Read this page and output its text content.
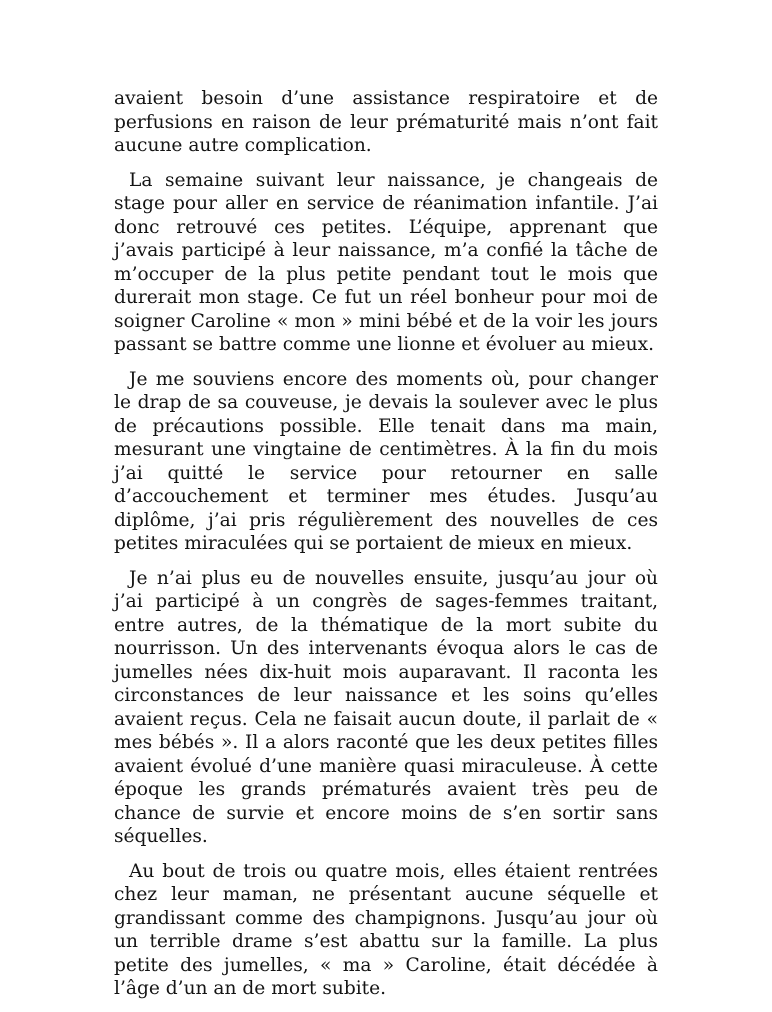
avaient besoin d’une assistance respiratoire et de perfusions en raison de leur prématurité mais n’ont fait aucune autre complication.

La semaine suivant leur naissance, je changeais de stage pour aller en service de réanimation infantile. J’ai donc retrouvé ces petites. L’équipe, apprenant que j’avais participé à leur naissance, m’a confié la tâche de m’occuper de la plus petite pendant tout le mois que durerait mon stage. Ce fut un réel bonheur pour moi de soigner Caroline « mon » mini bébé et de la voir les jours passant se battre comme une lionne et évoluer au mieux.

Je me souviens encore des moments où, pour changer le drap de sa couveuse, je devais la soulever avec le plus de précautions possible. Elle tenait dans ma main, mesurant une vingtaine de centimètres. À la fin du mois j’ai quitté le service pour retourner en salle d’accouchement et terminer mes études. Jusqu’au diplôme, j’ai pris régulièrement des nouvelles de ces petites miraculées qui se portaient de mieux en mieux.

Je n’ai plus eu de nouvelles ensuite, jusqu’au jour où j’ai participé à un congrès de sages-femmes traitant, entre autres, de la thématique de la mort subite du nourrisson. Un des intervenants évoqua alors le cas de jumelles nées dix-huit mois auparavant. Il raconta les circonstances de leur naissance et les soins qu’elles avaient reçus. Cela ne faisait aucun doute, il parlait de « mes bébés ». Il a alors raconté que les deux petites filles avaient évolué d’une manière quasi miraculeuse. À cette époque les grands prématurés avaient très peu de chance de survie et encore moins de s’en sortir sans séquelles.

Au bout de trois ou quatre mois, elles étaient rentrées chez leur maman, ne présentant aucune séquelle et grandissant comme des champignons. Jusqu’au jour où un terrible drame s’est abattu sur la famille. La plus petite des jumelles, « ma » Caroline, était décédée à l’âge d’un an de mort subite.
